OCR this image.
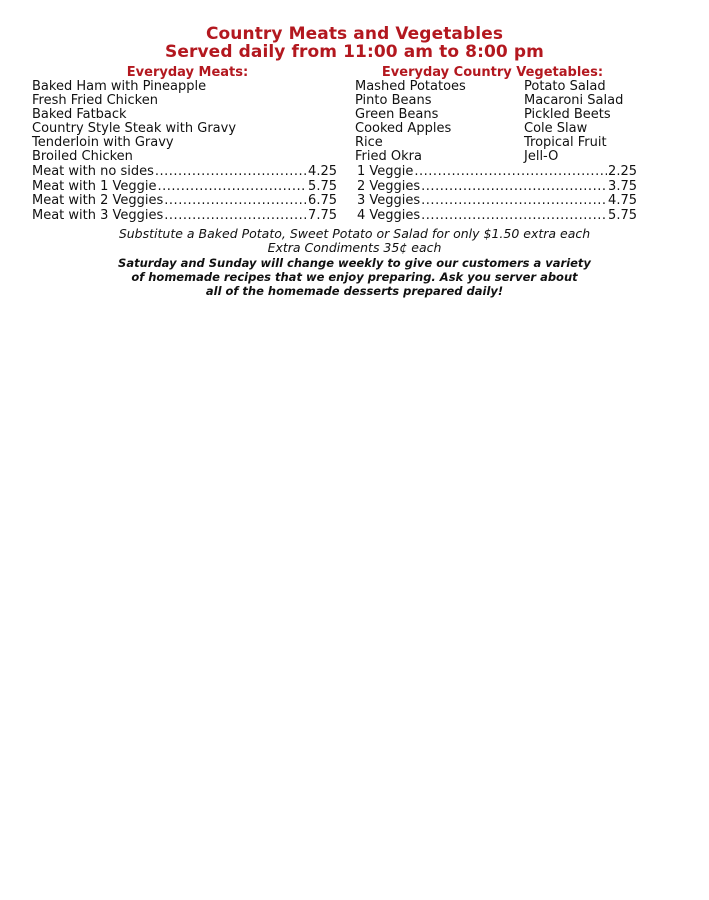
Country Meats and Vegetables
Served daily from 11:00 am to 8:00 pm
Everyday Meats:	Everyday Country Vegetables:
Baked Ham with Pineapple
Fresh Fried Chicken
Baked Fatback
Country Style Steak with Gravy
Tenderloin with Gravy
Broiled Chicken
Mashed Potatoes
Pinto Beans
Green Beans
Cooked Apples
Rice
Fried Okra
Potato Salad
Macaroni Salad
Pickled Beets
Cole Slaw
Tropical Fruit
Jell-O
Meat with no sides .....	4.25
Meat with 1 Veggie .....	5.75
Meat with 2 Veggies .....	6.75
Meat with 3 Veggies .....	7.75
1 Veggie .....	2.25
2 Veggies .....	3.75
3 Veggies .....	4.75
4 Veggies .....	5.75
Substitute a Baked Potato, Sweet Potato or Salad for only $1.50 extra each
Extra Condiments 35¢ each
Saturday and Sunday will change weekly to give our customers a variety
of homemade recipes that we enjoy preparing. Ask you server about
all of the homemade desserts prepared daily!
